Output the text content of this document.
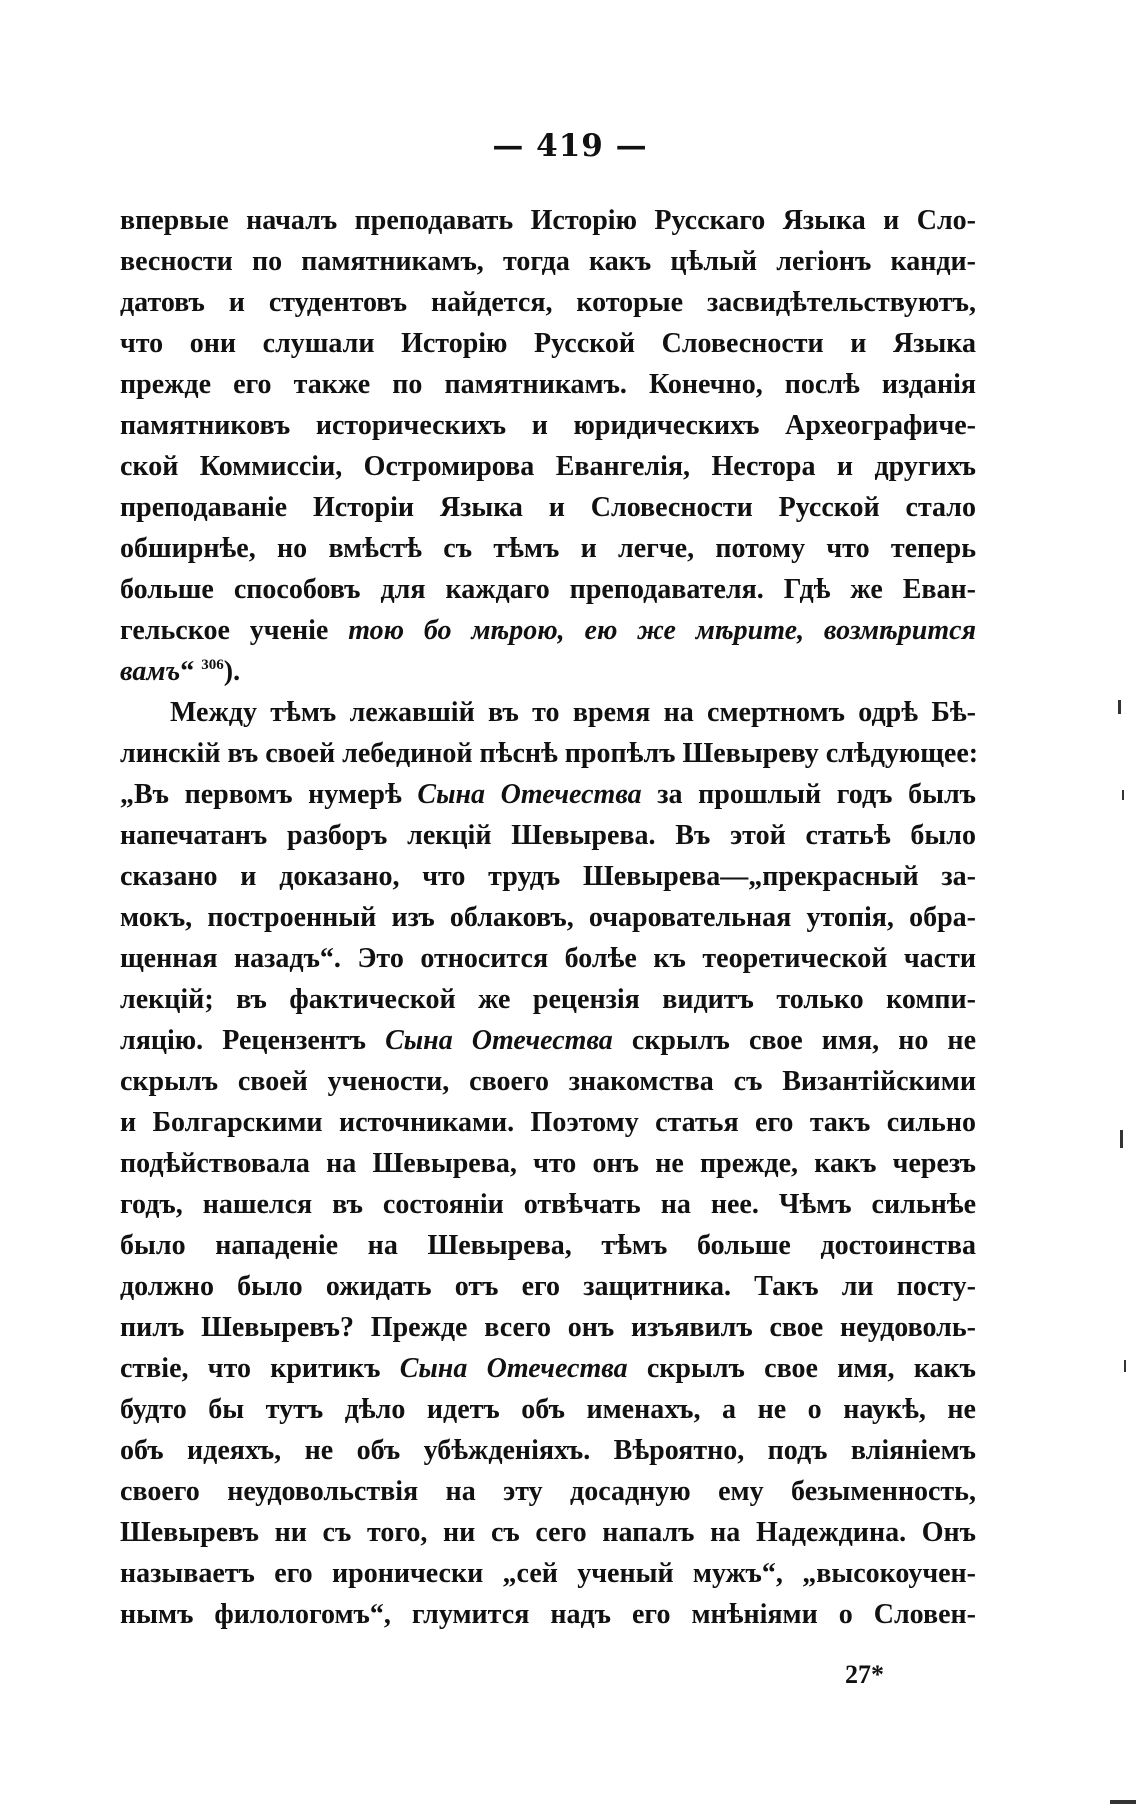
— 419 —
впервые началъ преподавать Исторію Русскаго Языка и Сло-
весности по памятникамъ, тогда какъ цѣлый легіонъ канди-
датовъ и студентовъ найдется, которые засвидѣтельствуютъ,
что они слушали Исторію Русской Словесности и Языка
прежде его также по памятникамъ. Конечно, послѣ изданія
памятниковъ историческихъ и юридическихъ Археографиче-
ской Коммиссіи, Остромирова Евангелія, Нестора и другихъ
преподаваніе Исторіи Языка и Словесности Русской стало
обширнѣе, но вмѣстѣ съ тѣмъ и легче, потому что теперь
больше способовъ для каждаго преподавателя. Гдѣ же Еван-
гельское ученіе тою бо мѣрою, ею же мѣрите, возмѣрится
вамъ“ $^{306}$).
Между тѣмъ лежавшій въ то время на смертномъ одрѣ Бѣ-
линскій въ своей лебединой пѣснѣ пропѣлъ Шевыреву слѣдующее:
„Въ первомъ нумерѣ Сына Отечества за прошлый годъ былъ
напечатанъ разборъ лекцій Шевырева. Въ этой статьѣ было
сказано и доказано, что трудъ Шевырева—„прекрасный за-
мокъ, построенный изъ облаковъ, очаровательная утопія, обра-
щенная назадъ“. Это относится болѣе къ теоретической части
лекцій; въ фактической же рецензія видитъ только компи-
ляцію. Рецензентъ Сына Отечества скрылъ свое имя, но не
скрылъ своей учености, своего знакомства съ Византійскими
и Болгарскими источниками. Поэтому статья его такъ сильно
подѣйствовала на Шевырева, что онъ не прежде, какъ черезъ
годъ, нашелся въ состояніи отвѣчать на нее. Чѣмъ сильнѣе
было нападеніе на Шевырева, тѣмъ больше достоинства
должно было ожидать отъ его защитника. Такъ ли посту-
пилъ Шевыревъ? Прежде всего онъ изъявилъ свое неудоволь-
ствіе, что критикъ Сына Отечества скрылъ свое имя, какъ
будто бы тутъ дѣло идетъ объ именахъ, а не о наукѣ, не
объ идеяхъ, не объ убѣжденіяхъ. Вѣроятно, подъ вліяніемъ
своего неудовольствія на эту досадную ему безыменность,
Шевыревъ ни съ того, ни съ сего напалъ на Надеждина. Онъ
называетъ его иронически „сей ученый мужъ“, „высокоучен-
нымъ филологомъ“, глумится надъ его мнѣніями о Словен-
27*
